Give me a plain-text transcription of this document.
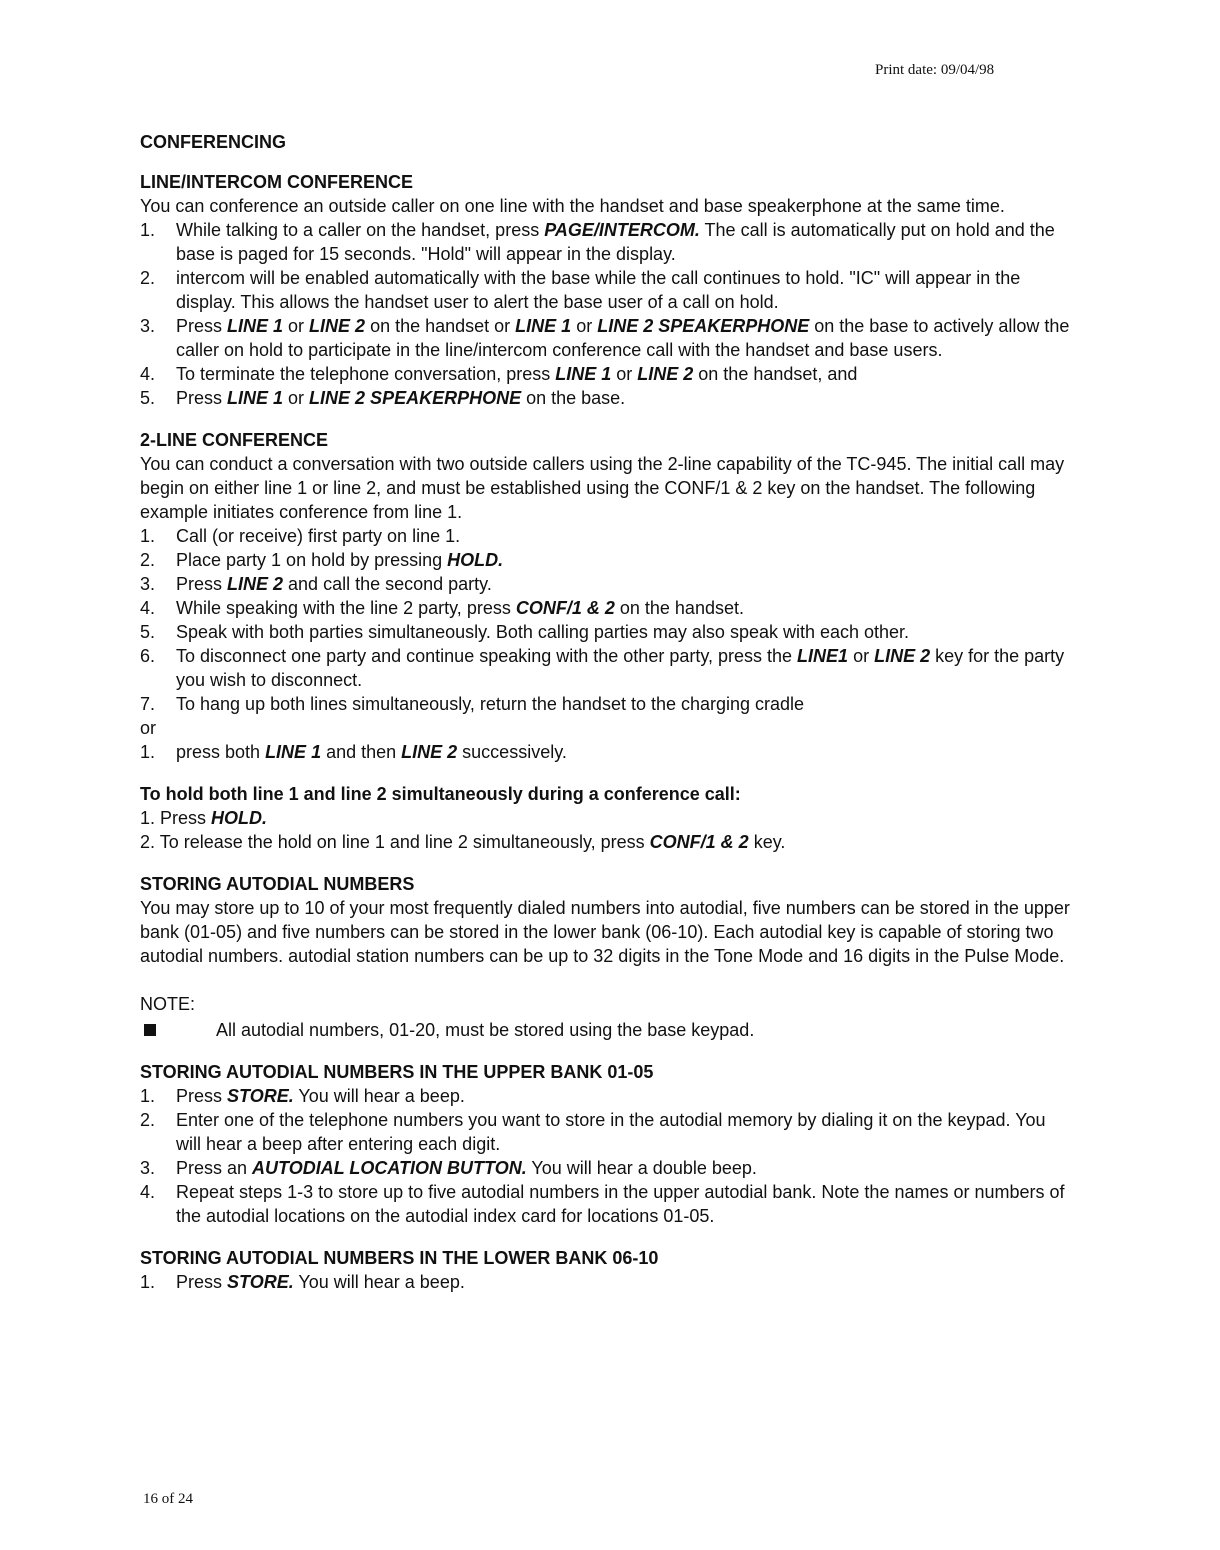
Print date: 09/04/98
CONFERENCING
LINE/INTERCOM CONFERENCE

You can conference an outside caller on one line with the handset and base speakerphone at the same time.

1. While talking to a caller on the handset, press PAGE/INTERCOM. The call is automatically put on hold and the base is paged for 15 seconds. "Hold" will appear in the display.
2. intercom will be enabled automatically with the base while the call continues to hold. "IC" will appear in the display. This allows the handset user to alert the base user of a call on hold.
3. Press LINE 1 or LINE 2 on the handset or LINE 1 or LINE 2 SPEAKERPHONE on the base to actively allow the caller on hold to participate in the line/intercom conference call with the handset and base users.
4. To terminate the telephone conversation, press LINE 1 or LINE 2 on the handset, and
5. Press LINE 1 or LINE 2 SPEAKERPHONE on the base.
2-LINE CONFERENCE

You can conduct a conversation with two outside callers using the 2-line capability of the TC-945. The initial call may begin on either line 1 or line 2, and must be established using the CONF/1 & 2 key on the handset. The following example initiates conference from line 1.

1. Call (or receive) first party on line 1.
2. Place party 1 on hold by pressing HOLD.
3. Press LINE 2 and call the second party.
4. While speaking with the line 2 party, press CONF/1 & 2 on the handset.
5. Speak with both parties simultaneously. Both calling parties may also speak with each other.
6. To disconnect one party and continue speaking with the other party, press the LINE1 or LINE 2 key for the party you wish to disconnect.
7. To hang up both lines simultaneously, return the handset to the charging cradle

or

1. press both LINE 1 and then LINE 2 successively.
To hold both line 1 and line 2 simultaneously during a conference call:
1. Press HOLD.
2. To release the hold on line 1 and line 2 simultaneously, press CONF/1 & 2 key.
STORING AUTODIAL NUMBERS

You may store up to 10 of your most frequently dialed numbers into autodial, five numbers can be stored in the upper bank (01-05) and five numbers can be stored in the lower bank (06-10). Each autodial key is capable of storing two autodial numbers. autodial station numbers can be up to 32 digits in the Tone Mode and 16 digits in the Pulse Mode.

NOTE:

All autodial numbers, 01-20, must be stored using the base keypad.
STORING AUTODIAL NUMBERS IN THE UPPER BANK 01-05
1. Press STORE. You will hear a beep.
2. Enter one of the telephone numbers you want to store in the autodial memory by dialing it on the keypad. You will hear a beep after entering each digit.
3. Press an AUTODIAL LOCATION BUTTON. You will hear a double beep.
4. Repeat steps 1-3 to store up to five autodial numbers in the upper autodial bank. Note the names or numbers of the autodial locations on the autodial index card for locations 01-05.
STORING AUTODIAL NUMBERS IN THE LOWER BANK 06-10
1. Press STORE. You will hear a beep.
16 of 24
